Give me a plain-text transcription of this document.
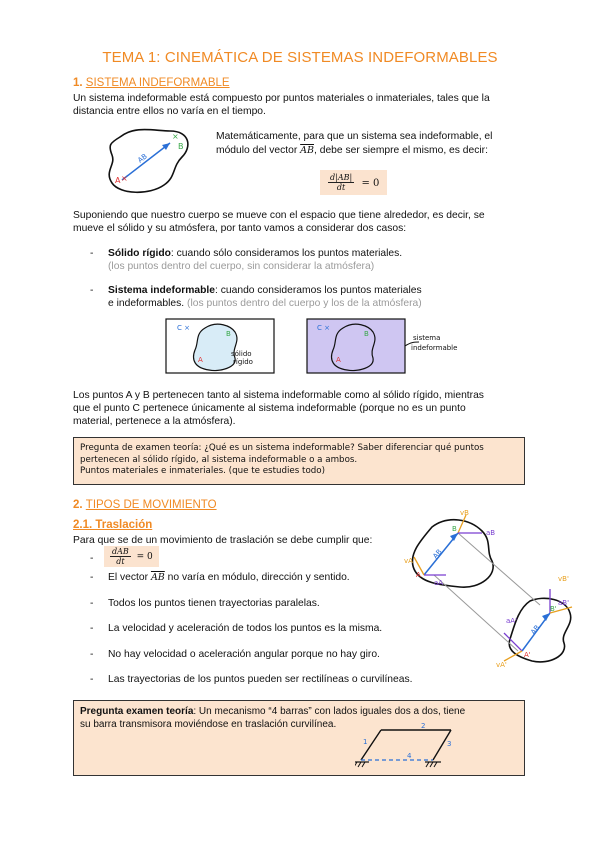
TEMA 1: CINEMÁTICA DE SISTEMAS INDEFORMABLES
1. SISTEMA INDEFORMABLE
Un sistema indeformable está compuesto por puntos materiales o inmateriales, tales que la
distancia entre ellos no varía en el tiempo.
A ×
×
B
AB
Matemáticamente, para que un sistema sea indeformable, el
módulo del vector $\overline{AB}$, debe ser siempre el mismo, es decir:
$\frac{d|AB|}{dt} = 0$
Suponiendo que nuestro cuerpo se mueve con el espacio que tiene alrededor, es decir, se
mueve el sólido y su atmósfera, por tanto vamos a considerar dos casos:
- Sólido rígido: cuando sólo consideramos los puntos materiales.
(los puntos dentro del cuerpo, sin considerar la atmósfera)
- Sistema indeformable: cuando consideramos los puntos materiales
e indeformables. (los puntos dentro del cuerpo y los de la atmósfera)
C ×
A
B
sólido
rígido
C ×
A
B	sistema
indeformable
Los puntos A y B pertenecen tanto al sistema indeformable como al sólido rígido, mientras
que el punto C pertenece únicamente al sistema indeformable (porque no es un punto
material, pertenece a la atmósfera).
Pregunta de examen teoría: ¿Qué es un sistema indeformable? Saber diferenciar qué puntos
pertenecen al sólido rígido, al sistema indeformable o a ambos.
Puntos materiales e inmateriales. (que te estudies todo)
2. TIPOS DE MOVIMIENTO
2.1. Traslación
Para que se de un movimiento de traslación se debe cumplir que:
- $\frac{\text{dAB}}{dt} = 0$
- El vector $\overline{AB}$ no varía en módulo, dirección y sentido.
- Todos los puntos tienen trayectorias paralelas.
- La velocidad y aceleración de todos los puntos es la misma.
- No hay velocidad o aceleración angular porque no hay giro.
- Las trayectorias de los puntos pueden ser rectilíneas o curvilíneas.
vB
aB
B
A
vA
aA
AB
vB'
aB'
B'
A'
vA'
aA'
AB
Pregunta examen teoría: Un mecanismo “4 barras” con lados iguales dos a dos, tiene
su barra transmisora moviéndose en traslación curvilínea.	2
1	3
4
